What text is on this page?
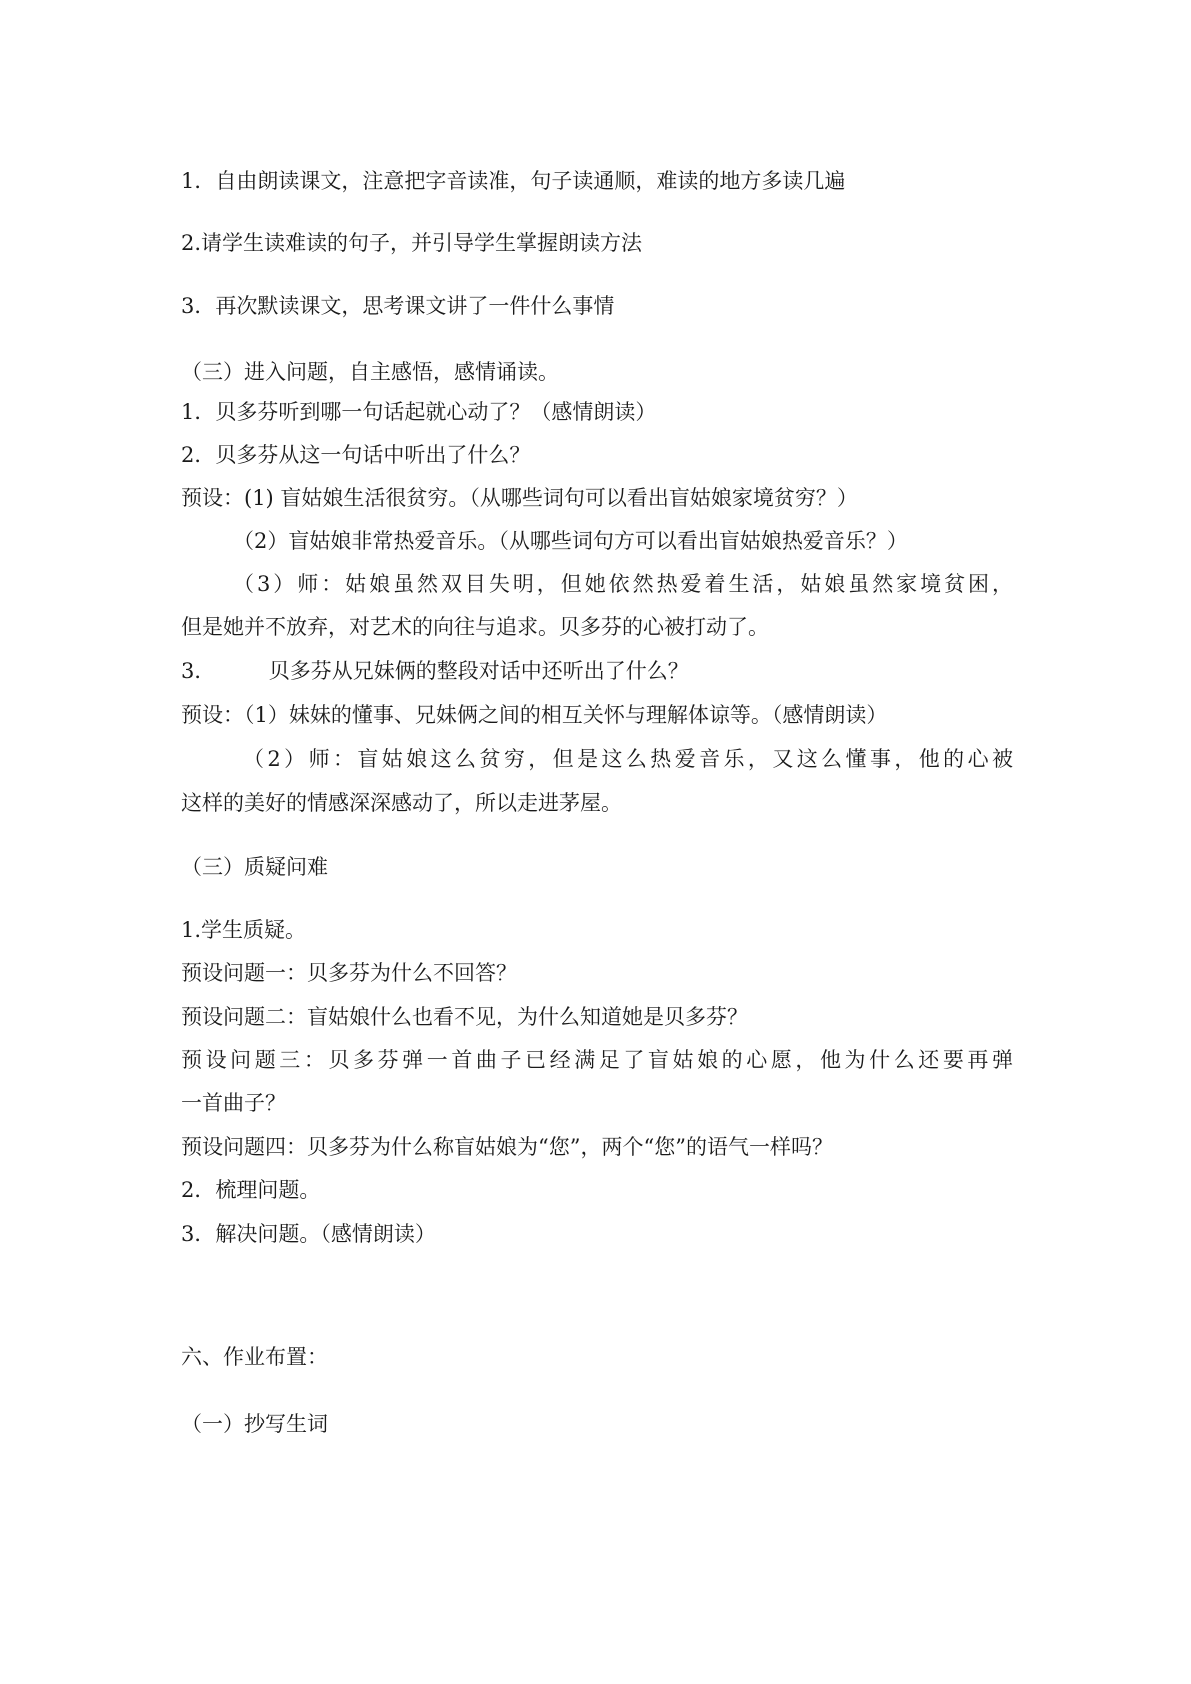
1．自由朗读课文，注意把字音读准，句子读通顺，难读的地方多读几遍

2.请学生读难读的句子，并引导学生掌握朗读方法

3．再次默读课文，思考课文讲了一件什么事情

（三）进入问题，自主感悟，感情诵读。

1．贝多芬听到哪一句话起就心动了？（感情朗读）

2．贝多芬从这一句话中听出了什么？

预设：(1) 盲姑娘生活很贫穷。（从哪些词句可以看出盲姑娘家境贫穷？）

（2）盲姑娘非常热爱音乐。（从哪些词句方可以看出盲姑娘热爱音乐？）

（3）师：姑娘虽然双目失明，但她依然热爱着生活，姑娘虽然家境贫困，

但是她并不放弃，对艺术的向往与追求。贝多芬的心被打动了。

3．        贝多芬从兄妹俩的整段对话中还听出了什么？

预设：（1）妹妹的懂事、兄妹俩之间的相互关怀与理解体谅等。（感情朗读）

（2）师：盲姑娘这么贫穷，但是这么热爱音乐，又这么懂事，他的心被

这样的美好的情感深深感动了，所以走进茅屋。

（三）质疑问难

1.学生质疑。

预设问题一：贝多芬为什么不回答？

预设问题二：盲姑娘什么也看不见，为什么知道她是贝多芬？

预设问题三：贝多芬弹一首曲子已经满足了盲姑娘的心愿，他为什么还要再弹

一首曲子？

预设问题四：贝多芬为什么称盲姑娘为“您”，两个“您”的语气一样吗？

2．梳理问题。

3．解决问题。（感情朗读）

六、作业布置：

（一）抄写生词
